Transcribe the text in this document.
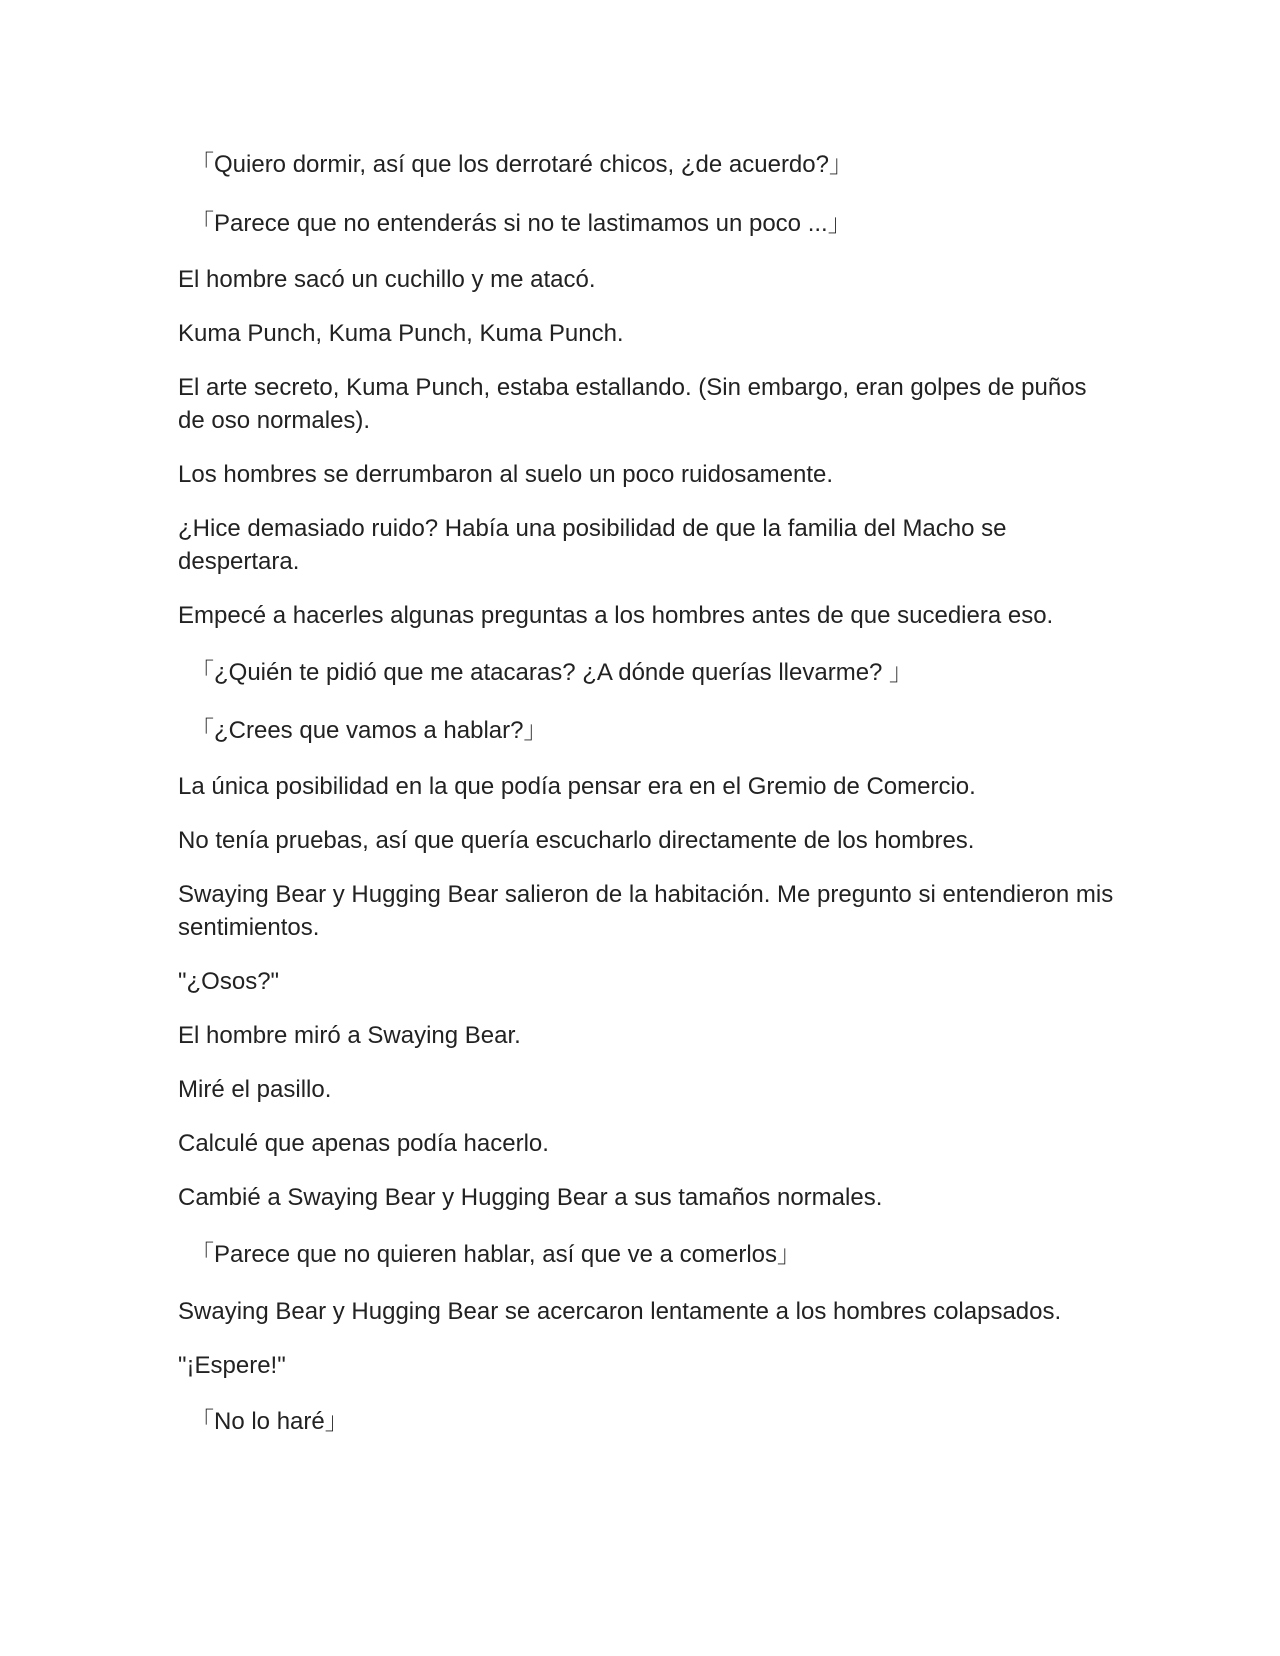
「Quiero dormir, así que los derrotaré chicos, ¿de acuerdo?」

「Parece que no entenderás si no te lastimamos un poco ...」

El hombre sacó un cuchillo y me atacó.

Kuma Punch, Kuma Punch, Kuma Punch.

El arte secreto, Kuma Punch, estaba estallando. (Sin embargo, eran golpes de puños de oso normales).

Los hombres se derrumbaron al suelo un poco ruidosamente.

¿Hice demasiado ruido? Había una posibilidad de que la familia del Macho se despertara.

Empecé a hacerles algunas preguntas a los hombres antes de que sucediera eso.

「¿Quién te pidió que me atacaras? ¿A dónde querías llevarme? 」

「¿Crees que vamos a hablar?」

La única posibilidad en la que podía pensar era en el Gremio de Comercio.

No tenía pruebas, así que quería escucharlo directamente de los hombres.

Swaying Bear y Hugging Bear salieron de la habitación. Me pregunto si entendieron mis sentimientos.

"¿Osos?"

El hombre miró a Swaying Bear.

Miré el pasillo.

Calculé que apenas podía hacerlo.

Cambié a Swaying Bear y Hugging Bear a sus tamaños normales.

「Parece que no quieren hablar, así que ve a comerlos」

Swaying Bear y Hugging Bear se acercaron lentamente a los hombres colapsados.

"¡Espere!"

「No lo haré」
